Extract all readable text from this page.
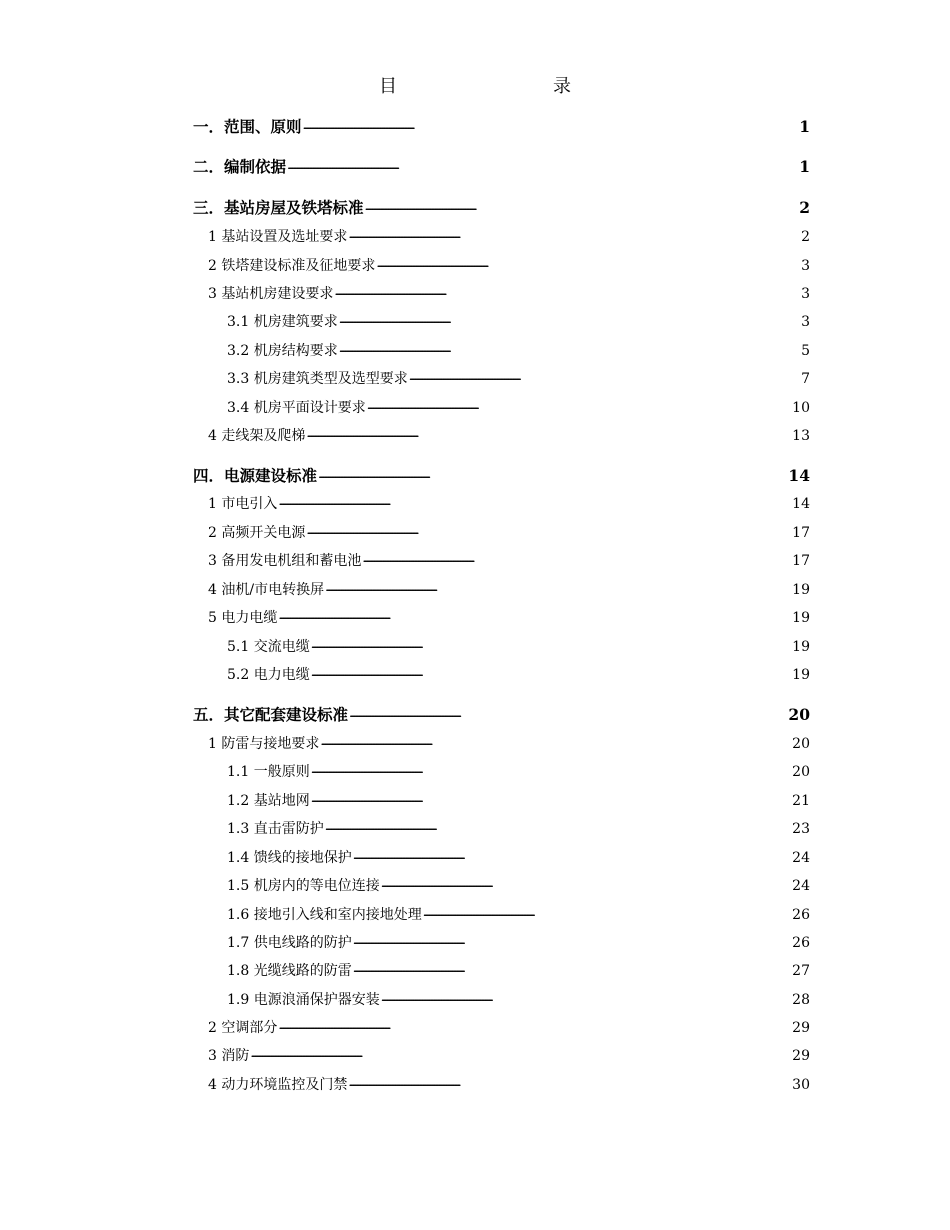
目　　录
一．范围、原则 . . .	1
二．编制依据 . . .	1
三．基站房屋及铁塔标准 . . .	2
1 基站设置及选址要求 . . .	2
2 铁塔建设标准及征地要求 . . .	3
3 基站机房建设要求 . . .	3
3.1 机房建筑要求 . . .	3
3.2 机房结构要求 . . .	5
3.3 机房建筑类型及选型要求 . . .	7
3.4 机房平面设计要求 . . .	10
4 走线架及爬梯 . . .	13
四．电源建设标准 . . .	14
1 市电引入 . . .	14
2 高频开关电源 . . .	17
3 备用发电机组和蓄电池 . . .	17
4 油机/市电转换屏 . . .	19
5 电力电缆 . . .	19
5.1 交流电缆 . . .	19
5.2 电力电缆 . . .	19
五．其它配套建设标准 . . .	20
1 防雷与接地要求 . . .	20
1.1 一般原则 . . .	20
1.2 基站地网 . . .	21
1.3 直击雷防护 . . .	23
1.4 馈线的接地保护 . . .	24
1.5 机房内的等电位连接 . . .	24
1.6 接地引入线和室内接地处理 . . .	26
1.7 供电线路的防护 . . .	26
1.8 光缆线路的防雷 . . .	27
1.9 电源浪涌保护器安装 . . .	28
2 空调部分 . . .	29
3 消防 . . .	29
4 动力环境监控及门禁 . . .	30
